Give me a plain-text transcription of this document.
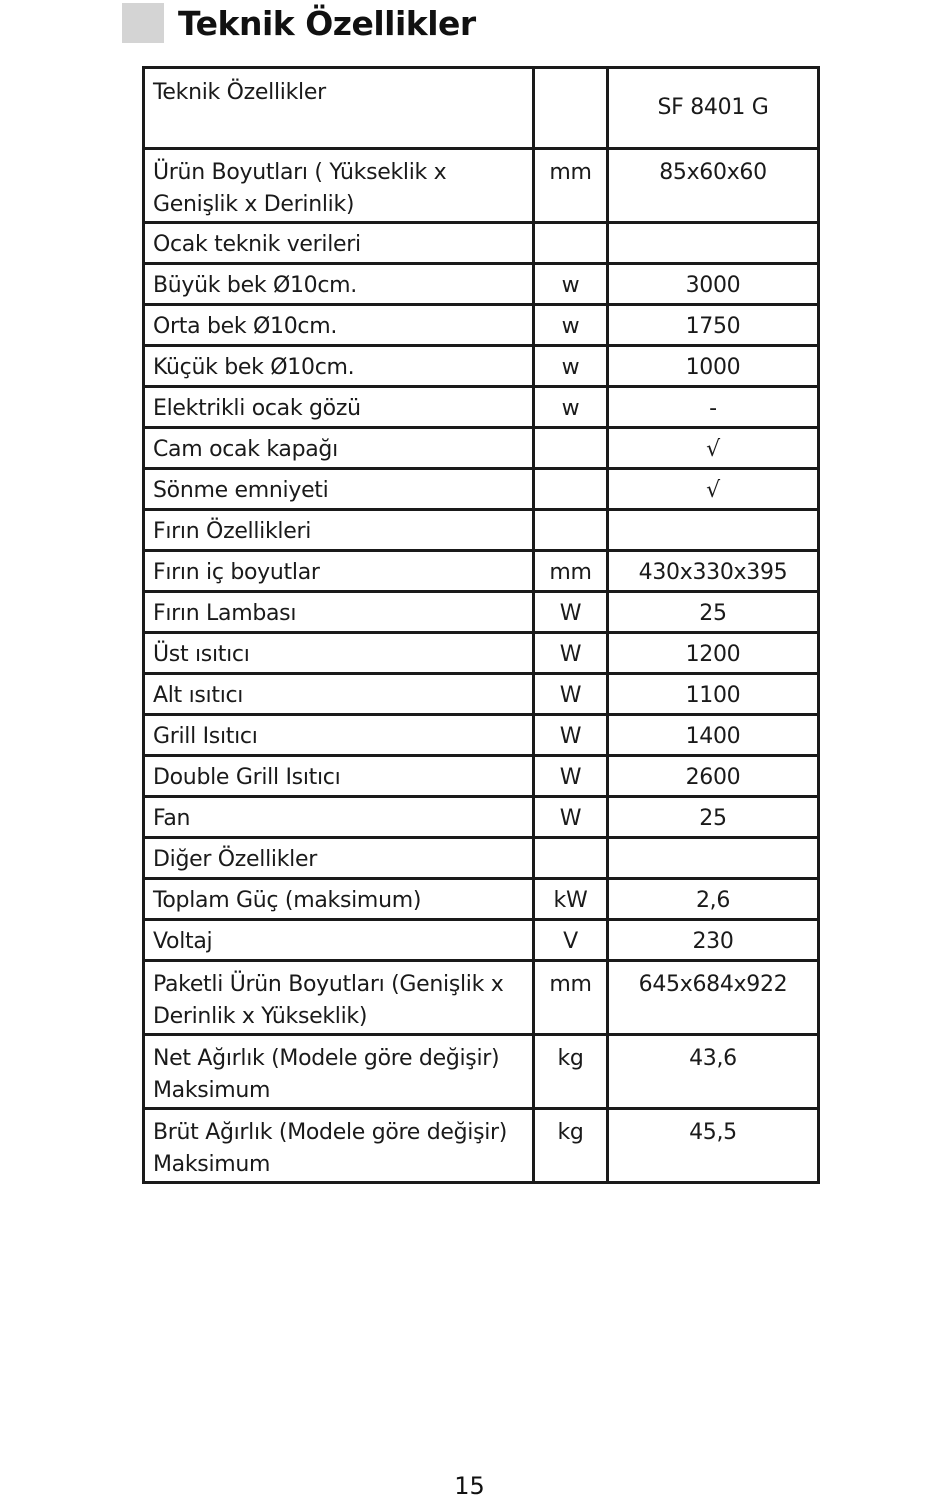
Teknik Özellikler
Teknik Özellikler		SF 8401 G
Ürün Boyutları ( Yükseklik x Genişlik x Derinlik)	mm	85x60x60
Ocak teknik verileri		
Büyük bek Ø10cm.	w	3000
Orta bek Ø10cm.	w	1750
Küçük bek Ø10cm.	w	1000
Elektrikli ocak gözü	w	-
Cam ocak kapağı		√
Sönme emniyeti		√
Fırın Özellikleri		
Fırın iç boyutlar	mm	430x330x395
Fırın Lambası	W	25
Üst ısıtıcı	W	1200
Alt ısıtıcı	W	1100
Grill Isıtıcı	W	1400
Double Grill Isıtıcı	W	2600
Fan	W	25
Diğer Özellikler		
Toplam Güç (maksimum)	kW	2,6
Voltaj	V	230
Paketli Ürün Boyutları (Genişlik x Derinlik x Yükseklik)	mm	645x684x922
Net Ağırlık (Modele göre değişir) Maksimum	kg	43,6
Brüt Ağırlık (Modele göre değişir) Maksimum	kg	45,5
15
